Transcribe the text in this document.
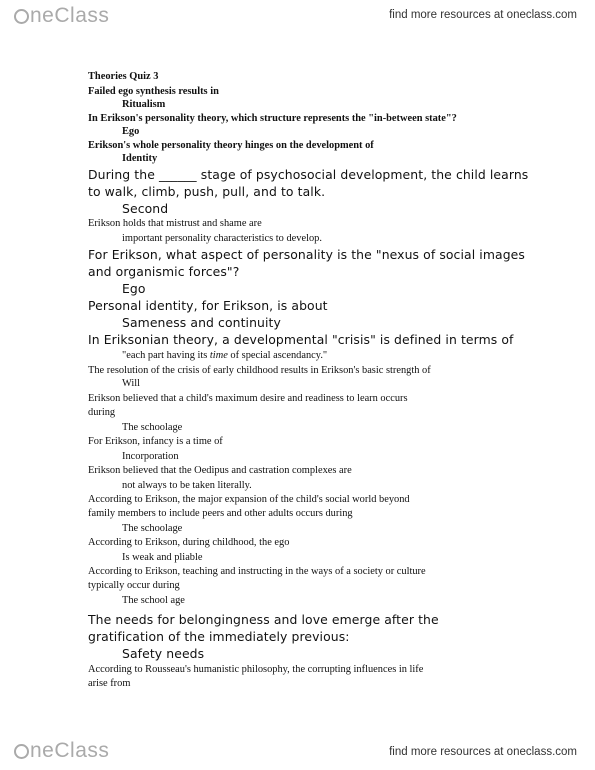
neClass	find more resources at oneclass.com
Theories Quiz 3
Failed ego synthesis results in
Ritualism
In Erikson's personality theory, which structure represents the "in-between state"?
Ego
Erikson's whole personality theory hinges on the development of
Identity
During the ______ stage of psychosocial development, the child learns
to walk, climb, push, pull, and to talk.
Second
Erikson holds that mistrust and shame are
important personality characteristics to develop.
For Erikson, what aspect of personality is the "nexus of social images
and organismic forces"?
Ego
Personal identity, for Erikson, is about
Sameness and continuity
In Eriksonian theory, a developmental "crisis" is defined in terms of
"each part having its time of special ascendancy."
The resolution of the crisis of early childhood results in Erikson's basic strength of
Will
Erikson believed that a child's maximum desire and readiness to learn occurs
during
The schoolage
For Erikson, infancy is a time of
Incorporation
Erikson believed that the Oedipus and castration complexes are
not always to be taken literally.
According to Erikson, the major expansion of the child's social world beyond
family members to include peers and other adults occurs during
The schoolage
According to Erikson, during childhood, the ego
Is weak and pliable
According to Erikson, teaching and instructing in the ways of a society or culture
typically occur during
The school age
The needs for belongingness and love emerge after the
gratification of the immediately previous:
Safety needs
According to Rousseau's humanistic philosophy, the corrupting influences in life
arise from
neClass	find more resources at oneclass.com
